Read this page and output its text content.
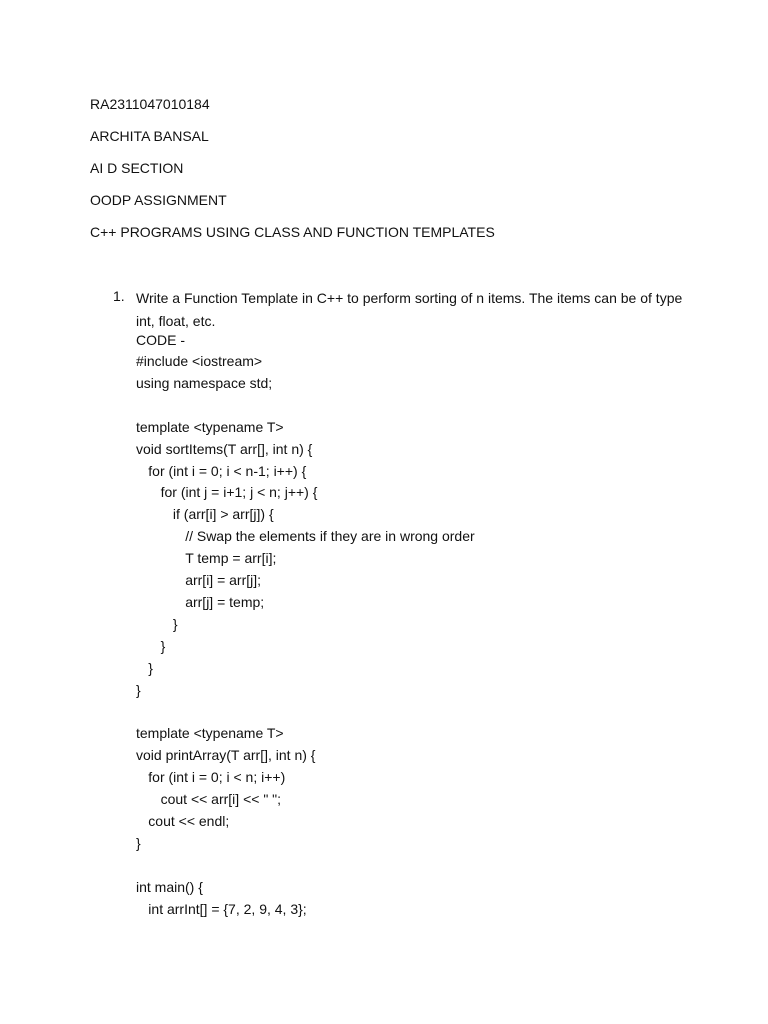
RA2311047010184
ARCHITA BANSAL
AI D SECTION
OODP ASSIGNMENT
C++ PROGRAMS USING CLASS AND FUNCTION TEMPLATES
1. Write a Function Template in C++ to perform sorting of n items. The items can be of type int, float, etc.
CODE -
#include <iostream>
using namespace std;
template <typename T>
void sortItems(T arr[], int n) {
for (int i = 0; i < n-1; i++) {
for (int j = i+1; j < n; j++) {
if (arr[i] > arr[j]) {
// Swap the elements if they are in wrong order
T temp = arr[i];
arr[i] = arr[j];
arr[j] = temp;
}
}
}
}
template <typename T>
void printArray(T arr[], int n) {
for (int i = 0; i < n; i++)
cout << arr[i] << " ";
cout << endl;
}
int main() {
int arrInt[] = {7, 2, 9, 4, 3};
